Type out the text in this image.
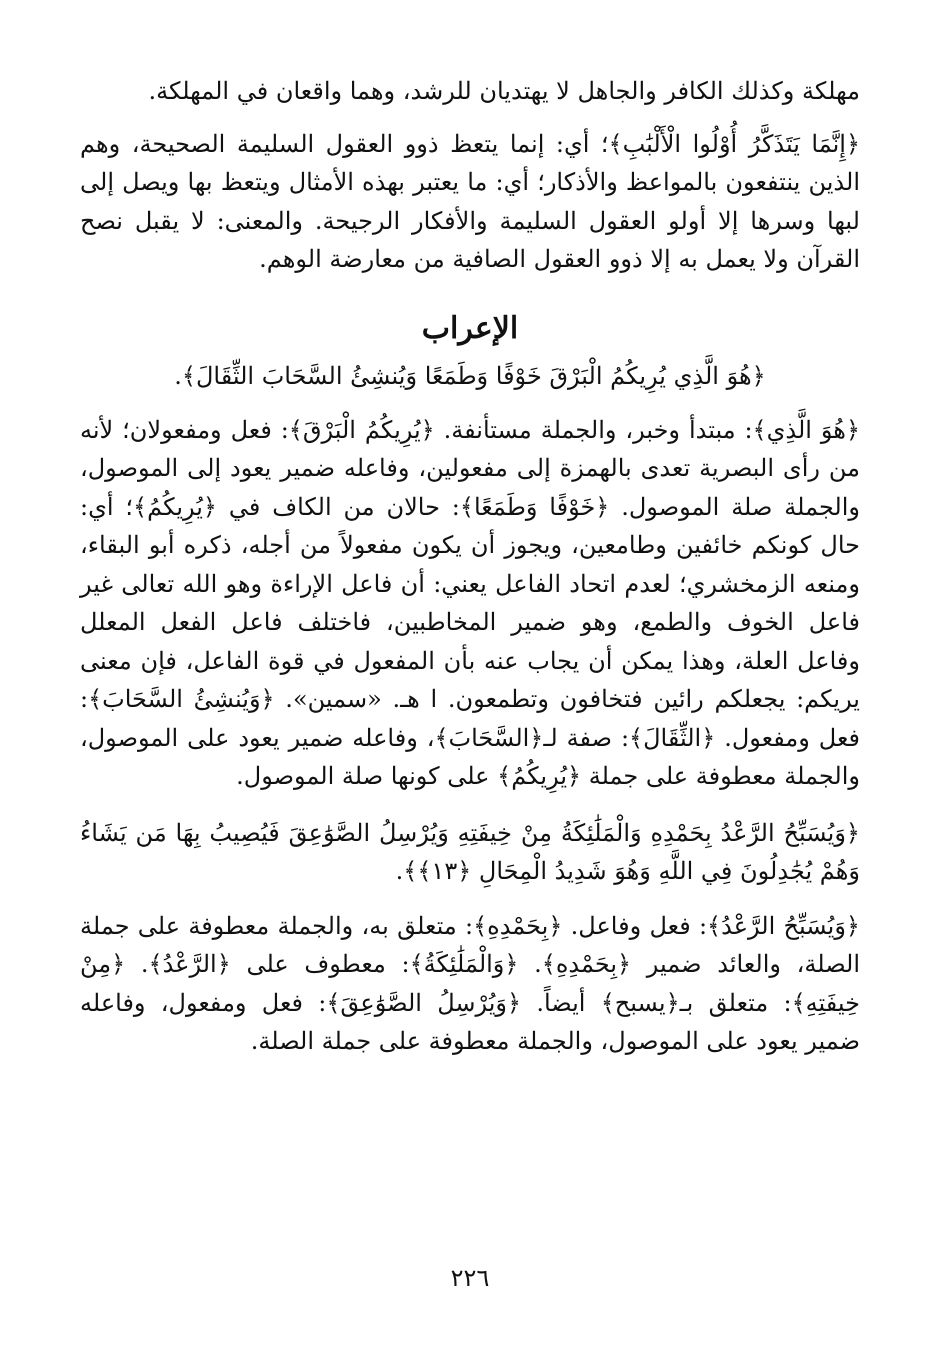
مهلكة وكذلك الكافر والجاهل لا يهتديان للرشد، وهما واقعان في المهلكة.

﴿إِنَّمَا يَتَذَكَّرُ أُوْلُوا الْأَلْبَٰبِ﴾؛ أي: إنما يتعظ ذوو العقول السليمة الصحيحة، وهم الذين ينتفعون بالمواعظ والأذكار؛ أي: ما يعتبر بهذه الأمثال ويتعظ بها ويصل إلى لبها وسرها إلا أولو العقول السليمة والأفكار الرجيحة. والمعنى: لا يقبل نصح القرآن ولا يعمل به إلا ذوو العقول الصافية من معارضة الوهم.

الإعراب

﴿هُوَ الَّذِي يُرِيكُمُ الْبَرْقَ خَوْفًا وَطَمَعًا وَيُنشِئُ السَّحَابَ الثِّقَالَ﴾.

﴿هُوَ الَّذِي﴾: مبتدأ وخبر، والجملة مستأنفة. ﴿يُرِيكُمُ الْبَرْقَ﴾: فعل ومفعولان؛ لأنه من رأى البصرية تعدى بالهمزة إلى مفعولين، وفاعله ضمير يعود إلى الموصول، والجملة صلة الموصول. ﴿خَوْفًا وَطَمَعًا﴾: حالان من الكاف في ﴿يُرِيكُمُ﴾؛ أي: حال كونكم خائفين وطامعين، ويجوز أن يكون مفعولاً من أجله، ذكره أبو البقاء، ومنعه الزمخشري؛ لعدم اتحاد الفاعل يعني: أن فاعل الإراءة وهو الله تعالى غير فاعل الخوف والطمع، وهو ضمير المخاطبين، فاختلف فاعل الفعل المعلل وفاعل العلة، وهذا يمكن أن يجاب عنه بأن المفعول في قوة الفاعل، فإن معنى يريكم: يجعلكم رائين فتخافون وتطمعون. ا هـ. «سمين». ﴿وَيُنشِئُ السَّحَابَ﴾: فعل ومفعول. ﴿الثِّقَالَ﴾: صفة لـ﴿السَّحَابَ﴾، وفاعله ضمير يعود على الموصول، والجملة معطوفة على جملة ﴿يُرِيكُمُ﴾ على كونها صلة الموصول.

﴿وَيُسَبِّحُ الرَّعْدُ بِحَمْدِهِ وَالْمَلَٰئِكَةُ مِنْ خِيفَتِهِ وَيُرْسِلُ الصَّوَٰعِقَ فَيُصِيبُ بِهَا مَن يَشَاءُ وَهُمْ يُجَٰدِلُونَ فِي اللَّهِ وَهُوَ شَدِيدُ الْمِحَالِ ﴿١٣﴾﴾.

﴿وَيُسَبِّحُ الرَّعْدُ﴾: فعل وفاعل. ﴿بِحَمْدِهِ﴾: متعلق به، والجملة معطوفة على جملة الصلة، والعائد ضمير ﴿بِحَمْدِهِ﴾. ﴿وَالْمَلَٰئِكَةُ﴾: معطوف على ﴿الرَّعْدُ﴾. ﴿مِنْ خِيفَتِهِ﴾: متعلق بـ﴿يسبح﴾ أيضاً. ﴿وَيُرْسِلُ الصَّوَٰعِقَ﴾: فعل ومفعول، وفاعله ضمير يعود على الموصول، والجملة معطوفة على جملة الصلة.

٢٢٦
